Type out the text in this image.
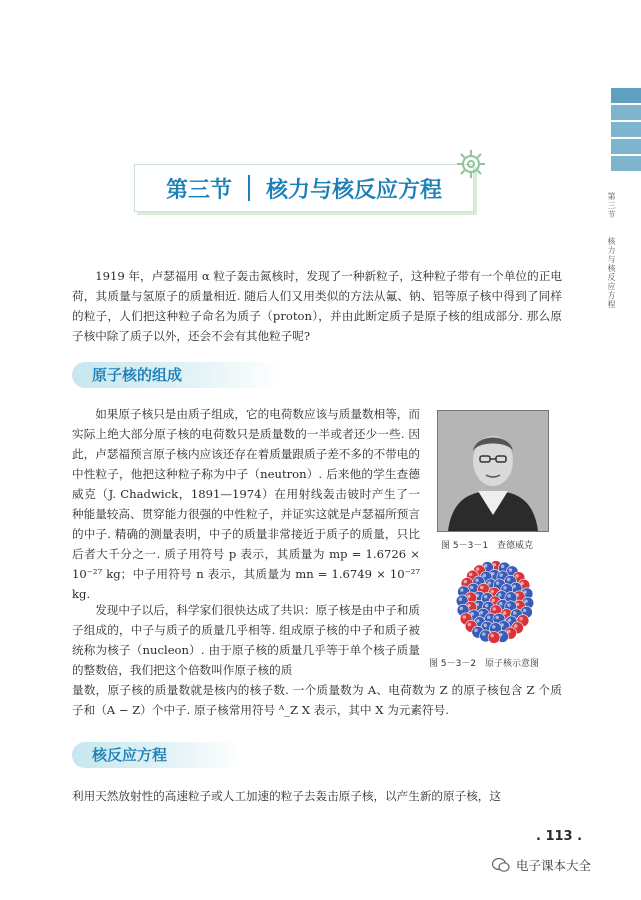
第三节 核力与核反应方程
第三节 核力与核反应方程
1919 年，卢瑟福用 α 粒子轰击氮核时，发现了一种新粒子，这种粒子带有一个单位的正电荷，其质量与氢原子的质量相近. 随后人们又用类似的方法从氟、钠、铝等原子核中得到了同样的粒子，人们把这种粒子命名为质子（proton），并由此断定质子是原子核的组成部分. 那么原子核中除了质子以外，还会不会有其他粒子呢?
原子核的组成
如果原子核只是由质子组成，它的电荷数应该与质量数相等，而实际上绝大部分原子核的电荷数只是质量数的一半或者还少一些. 因此，卢瑟福预言原子核内应该还存在着质量跟质子差不多的不带电的中性粒子，他把这种粒子称为中子（neutron）. 后来他的学生查德威克（J. Chadwick，1891—1974）在用射线轰击铍时产生了一种能量较高、贯穿能力很强的中性粒子，并证实这就是卢瑟福所预言的中子. 精确的测量表明，中子的质量非常接近于质子的质量，只比后者大千分之一. 质子用符号 p 表示，其质量为 mp = 1.6726 × 10⁻²⁷ kg；中子用符号 n 表示，其质量为 mn = 1.6749 × 10⁻²⁷ kg.
图 5－3－1　查德威克
图 5－3－2　原子核示意图
发现中子以后，科学家们很快达成了共识：原子核是由中子和质子组成的，中子与质子的质量几乎相等. 组成原子核的中子和质子被统称为核子（nucleon）. 由于原子核的质量几乎等于单个核子质量的整数倍，我们把这个倍数叫作原子核的质
量数，原子核的质量数就是核内的核子数. 一个质量数为 A、电荷数为 Z 的原子核包含 Z 个质子和（A − Z）个中子. 原子核常用符号 ᴬ_Z X 表示，其中 X 为元素符号.
核反应方程
利用天然放射性的高速粒子或人工加速的粒子去轰击原子核，以产生新的原子核，这
. 113 .
电子课本大全
